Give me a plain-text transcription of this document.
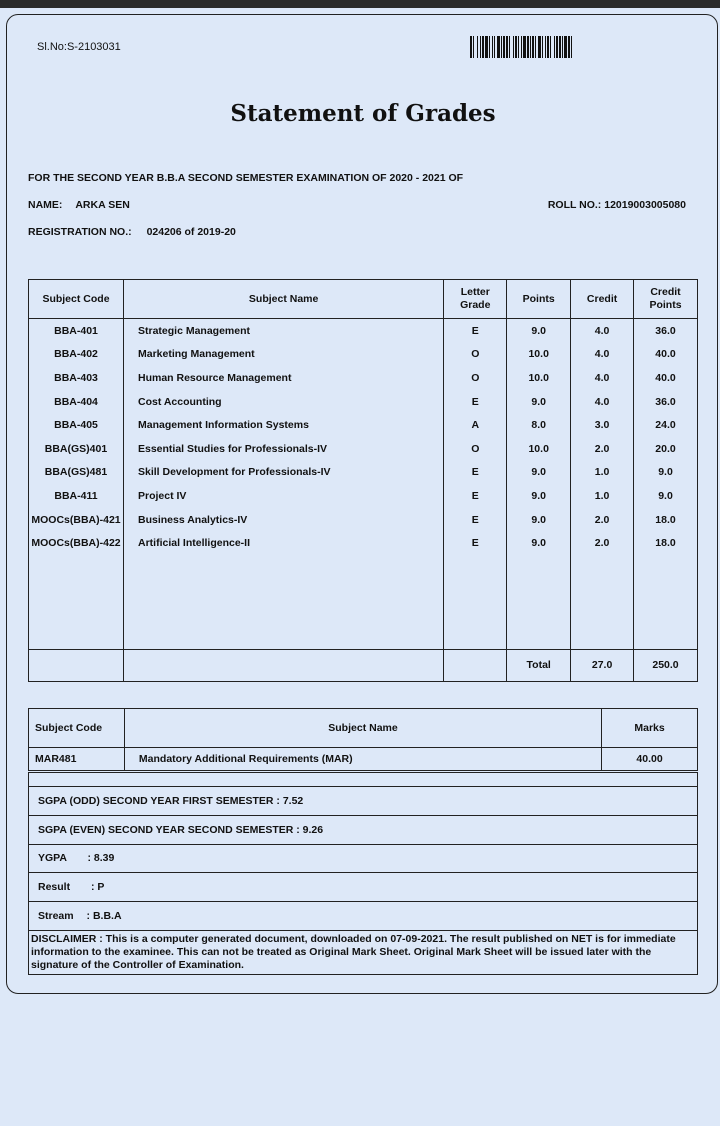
Sl.No:S-2103031
Statement of Grades
FOR THE SECOND YEAR B.B.A SECOND SEMESTER EXAMINATION OF 2020 - 2021 OF
NAME: ARKA SEN	ROLL NO.: 12019003005080
REGISTRATION NO.: 024206 of 2019-20
Subject Code	Subject Name	Letter Grade	Points	Credit	Credit Points
BBA-401	Strategic Management	E	9.0	4.0	36.0
BBA-402	Marketing Management	O	10.0	4.0	40.0
BBA-403	Human Resource Management	O	10.0	4.0	40.0
BBA-404	Cost Accounting	E	9.0	4.0	36.0
BBA-405	Management Information Systems	A	8.0	3.0	24.0
BBA(GS)401	Essential Studies for Professionals-IV	O	10.0	2.0	20.0
BBA(GS)481	Skill Development for Professionals-IV	E	9.0	1.0	9.0
BBA-411	Project IV	E	9.0	1.0	9.0
MOOCs(BBA)-421	Business Analytics-IV	E	9.0	2.0	18.0
MOOCs(BBA)-422	Artificial Intelligence-II	E	9.0	2.0	18.0

			Total	27.0	250.0
Subject Code	Subject Name	Marks
MAR481	Mandatory Additional Requirements (MAR)	40.00

SGPA (ODD) SECOND YEAR FIRST SEMESTER : 7.52
SGPA (EVEN) SECOND YEAR SECOND SEMESTER : 9.26
YGPA : 8.39
Result : P
Stream : B.B.A
DISCLAIMER : This is a computer generated document, downloaded on 07-09-2021. The result published on NET is for immediate information to the examinee. This can not be treated as Original Mark Sheet. Original Mark Sheet will be issued later with the signature of the Controller of Examination.
